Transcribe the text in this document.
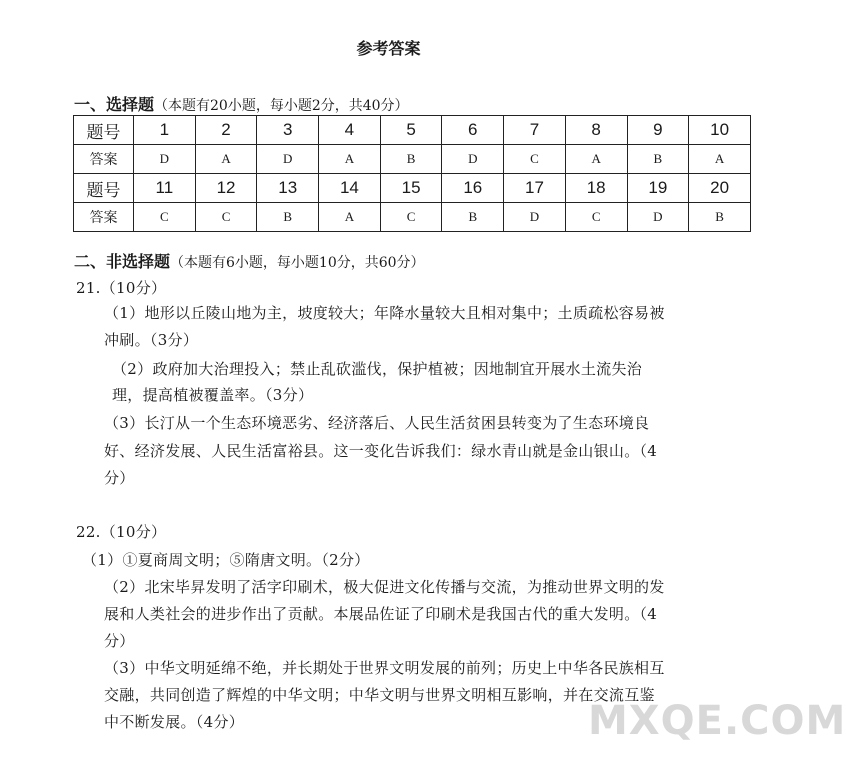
参考答案
一、选择题（本题有20小题，每小题2分，共40分）
题号	1	2	3	4	5	6	7	8	9	10
答案	D	A	D	A	B	D	C	A	B	A
题号	11	12	13	14	15	16	17	18	19	20
答案	C	C	B	A	C	B	D	C	D	B
二、非选择题（本题有6小题，每小题10分，共60分）
21.（10分）
（1）地形以丘陵山地为主，坡度较大；年降水量较大且相对集中；土质疏松容易被
冲刷。（3分）
（2）政府加大治理投入；禁止乱砍滥伐，保护植被；因地制宜开展水土流失治
理，提高植被覆盖率。（3分）
（3）长汀从一个生态环境恶劣、经济落后、人民生活贫困县转变为了生态环境良
好、经济发展、人民生活富裕县。这一变化告诉我们：绿水青山就是金山银山。（4
分）
22.（10分）
（1）①夏商周文明；⑤隋唐文明。（2分）
（2）北宋毕昇发明了活字印刷术，极大促进文化传播与交流，为推动世界文明的发
展和人类社会的进步作出了贡献。本展品佐证了印刷术是我国古代的重大发明。（4
分）
（3）中华文明延绵不绝，并长期处于世界文明发展的前列；历史上中华各民族相互
交融，共同创造了辉煌的中华文明；中华文明与世界文明相互影响，并在交流互鉴
中不断发展。（4分）	MXQE.COM
